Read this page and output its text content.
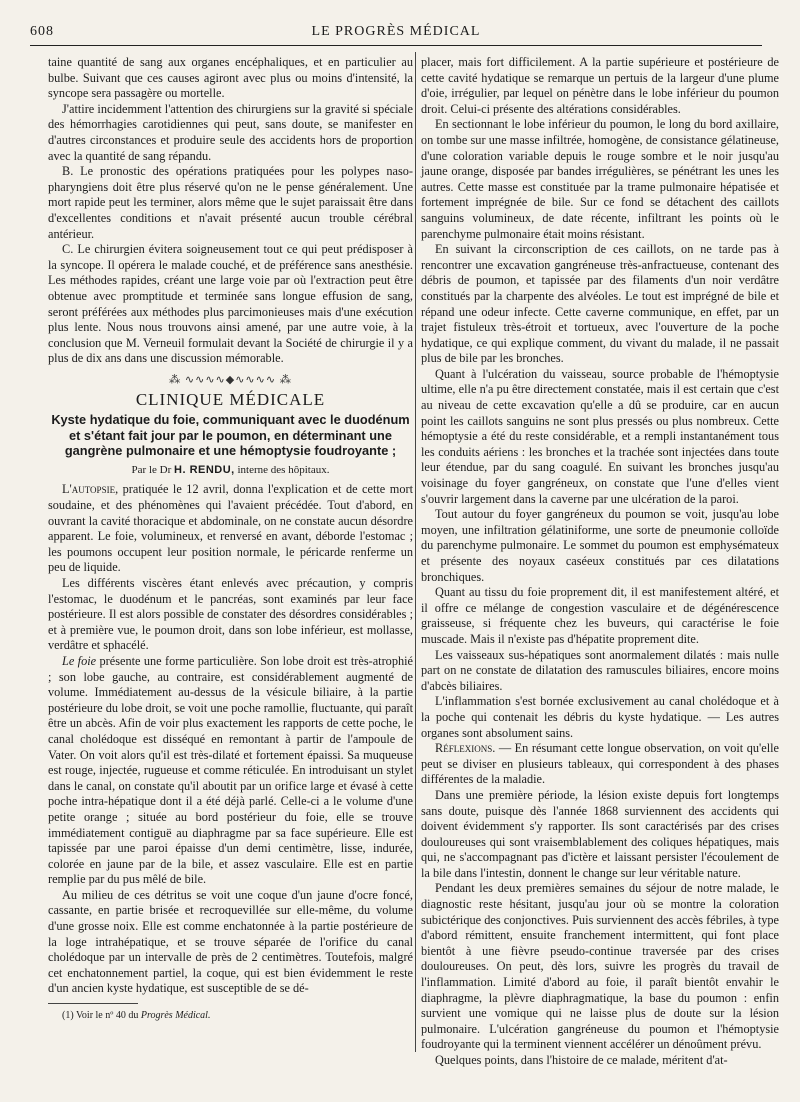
608	LE PROGRÈS MÉDICAL

taine quantité de sang aux organes encéphaliques, et en particulier au bulbe. Suivant que ces causes agiront avec plus ou moins d'intensité, la syncope sera passagère ou mortelle.

J'attire incidemment l'attention des chirurgiens sur la gravité si spéciale des hémorrhagies carotidiennes qui peut, sans doute, se manifester en d'autres circonstances et produire seule des accidents hors de proportion avec la quantité de sang répandu.

B. Le pronostic des opérations pratiquées pour les polypes naso-pharyngiens doit être plus réservé qu'on ne le pense généralement. Une mort rapide peut les terminer, alors même que le sujet paraissait être dans d'excellentes conditions et n'avait présenté aucun trouble cérébral antérieur.

C. Le chirurgien évitera soigneusement tout ce qui peut prédisposer à la syncope. Il opérera le malade couché, et de préférence sans anesthésie. Les méthodes rapides, créant une large voie par où l'extraction peut être obtenue avec promptitude et terminée sans longue effusion de sang, seront préférées aux méthodes plus parcimonieuses mais d'une exécution plus lente. Nous nous trouvons ainsi amené, par une autre voie, à la conclusion que M. Verneuil formulait devant la Société de chirurgie il y a plus de dix ans dans une discussion mémorable.

⁂ ∿∿∿∿◆∿∿∿∿ ⁂
CLINIQUE MÉDICALE
Kyste hydatique du foie, communiquant avec le duodénum et s'étant fait jour par le poumon, en déterminant une gangrène pulmonaire et une hémoptysie foudroyante ;
Par le Dr H. RENDU, interne des hôpitaux.

L'autopsie, pratiquée le 12 avril, donna l'explication et de cette mort soudaine, et des phénomènes qui l'avaient précédée. Tout d'abord, en ouvrant la cavité thoracique et abdominale, on ne constate aucun désordre apparent. Le foie, volumineux, et renversé en avant, déborde l'estomac ; les poumons occupent leur position normale, le péricarde renferme un peu de liquide.

Les différents viscères étant enlevés avec précaution, y compris l'estomac, le duodénum et le pancréas, sont examinés par leur face postérieure. Il est alors possible de constater des désordres considérables ; et à première vue, le poumon droit, dans son lobe inférieur, est mollasse, verdâtre et sphacélé.

Le foie présente une forme particulière. Son lobe droit est très-atrophié ; son lobe gauche, au contraire, est considérablement augmenté de volume. Immédiatement au-dessus de la vésicule biliaire, à la partie postérieure du lobe droit, se voit une poche ramollie, fluctuante, qui paraît être un abcès. Afin de voir plus exactement les rapports de cette poche, le canal cholédoque est disséqué en remontant à partir de l'ampoule de Vater. On voit alors qu'il est très-dilaté et fortement épaissi. Sa muqueuse est rouge, injectée, rugueuse et comme réticulée. En introduisant un stylet dans le canal, on constate qu'il aboutit par un orifice large et évasé à cette poche intra-hépatique dont il a été déjà parlé. Celle-ci a le volume d'une petite orange ; située au bord postérieur du foie, elle se trouve immédiatement contiguë au diaphragme par sa face supérieure. Elle est tapissée par une paroi épaisse d'un demi centimètre, lisse, indurée, colorée en jaune par de la bile, et assez vasculaire. Elle est en partie remplie par du pus mêlé de bile.

Au milieu de ces détritus se voit une coque d'un jaune d'ocre foncé, cassante, en partie brisée et recroquevillée sur elle-même, du volume d'une grosse noix. Elle est comme enchatonnée à la partie postérieure de la loge intrahépatique, et se trouve séparée de l'orifice du canal cholédoque par un intervalle de près de 2 centimètres. Toutefois, malgré cet enchatonnement partiel, la coque, qui est bien évidemment le reste d'un ancien kyste hydatique, est susceptible de se dé-

(1) Voir le nº 40 du Progrès Médical.

placer, mais fort difficilement. A la partie supérieure et postérieure de cette cavité hydatique se remarque un pertuis de la largeur d'une plume d'oie, irrégulier, par lequel on pénètre dans le lobe inférieur du poumon droit. Celui-ci présente des altérations considérables.

En sectionnant le lobe inférieur du poumon, le long du bord axillaire, on tombe sur une masse infiltrée, homogène, de consistance gélatineuse, d'une coloration variable depuis le rouge sombre et le noir jusqu'au jaune orange, disposée par bandes irrégulières, se pénétrant les unes les autres. Cette masse est constituée par la trame pulmonaire hépatisée et fortement imprégnée de bile. Sur ce fond se détachent des caillots sanguins volumineux, de date récente, infiltrant les points où le parenchyme pulmonaire était moins résistant.

En suivant la circonscription de ces caillots, on ne tarde pas à rencontrer une excavation gangréneuse très-anfractueuse, contenant des débris de poumon, et tapissée par des filaments d'un noir verdâtre constitués par la charpente des alvéoles. Le tout est imprégné de bile et répand une odeur infecte. Cette caverne communique, en effet, par un trajet fistuleux très-étroit et tortueux, avec l'ouverture de la poche hydatique, ce qui explique comment, du vivant du malade, il ne passait plus de bile par les bronches.

Quant à l'ulcération du vaisseau, source probable de l'hémoptysie ultime, elle n'a pu être directement constatée, mais il est certain que c'est au niveau de cette excavation qu'elle a dû se produire, car en aucun point les caillots sanguins ne sont plus pressés ou plus nombreux. Cette hémoptysie a été du reste considérable, et a rempli instantanément tous les conduits aériens : les bronches et la trachée sont injectées dans toute leur étendue, par du sang coagulé. En suivant les bronches jusqu'au voisinage du foyer gangréneux, on constate que l'une d'elles vient s'ouvrir largement dans la caverne par une ulcération de la paroi.

Tout autour du foyer gangréneux du poumon se voit, jusqu'au lobe moyen, une infiltration gélatiniforme, une sorte de pneumonie colloïde du parenchyme pulmonaire. Le sommet du poumon est emphysémateux et présente des noyaux caséeux constitués par ces dilatations bronchiques.

Quant au tissu du foie proprement dit, il est manifestement altéré, et il offre ce mélange de congestion vasculaire et de dégénérescence graisseuse, si fréquente chez les buveurs, qui caractérise le foie muscade. Mais il n'existe pas d'hépatite proprement dite.

Les vaisseaux sus-hépatiques sont anormalement dilatés : mais nulle part on ne constate de dilatation des ramuscules biliaires, encore moins d'abcès biliaires.

L'inflammation s'est bornée exclusivement au canal cholédoque et à la poche qui contenait les débris du kyste hydatique. — Les autres organes sont absolument sains.

Réflexions. — En résumant cette longue observation, on voit qu'elle peut se diviser en plusieurs tableaux, qui correspondent à des phases différentes de la maladie.

Dans une première période, la lésion existe depuis fort longtemps sans doute, puisque dès l'année 1868 surviennent des accidents qui doivent évidemment s'y rapporter. Ils sont caractérisés par des crises douloureuses qui sont vraisemblablement des coliques hépatiques, mais qui, ne s'accompagnant pas d'ictère et laissant persister l'écoulement de la bile dans l'intestin, donnent le change sur leur véritable nature.

Pendant les deux premières semaines du séjour de notre malade, le diagnostic reste hésitant, jusqu'au jour où se montre la coloration subictérique des conjonctives. Puis surviennent des accès fébriles, à type d'abord rémittent, ensuite franchement intermittent, qui font place bientôt à une fièvre pseudo-continue traversée par des crises douloureuses. On peut, dès lors, suivre les progrès du travail de l'inflammation. Limité d'abord au foie, il paraît bientôt envahir le diaphragme, la plèvre diaphragmatique, la base du poumon : enfin survient une vomique qui ne laisse plus de doute sur la lésion pulmonaire. L'ulcération gangréneuse du poumon et l'hémoptysie foudroyante qui la terminent viennent accélérer un dénoûment prévu.

Quelques points, dans l'histoire de ce malade, méritent d'at-
